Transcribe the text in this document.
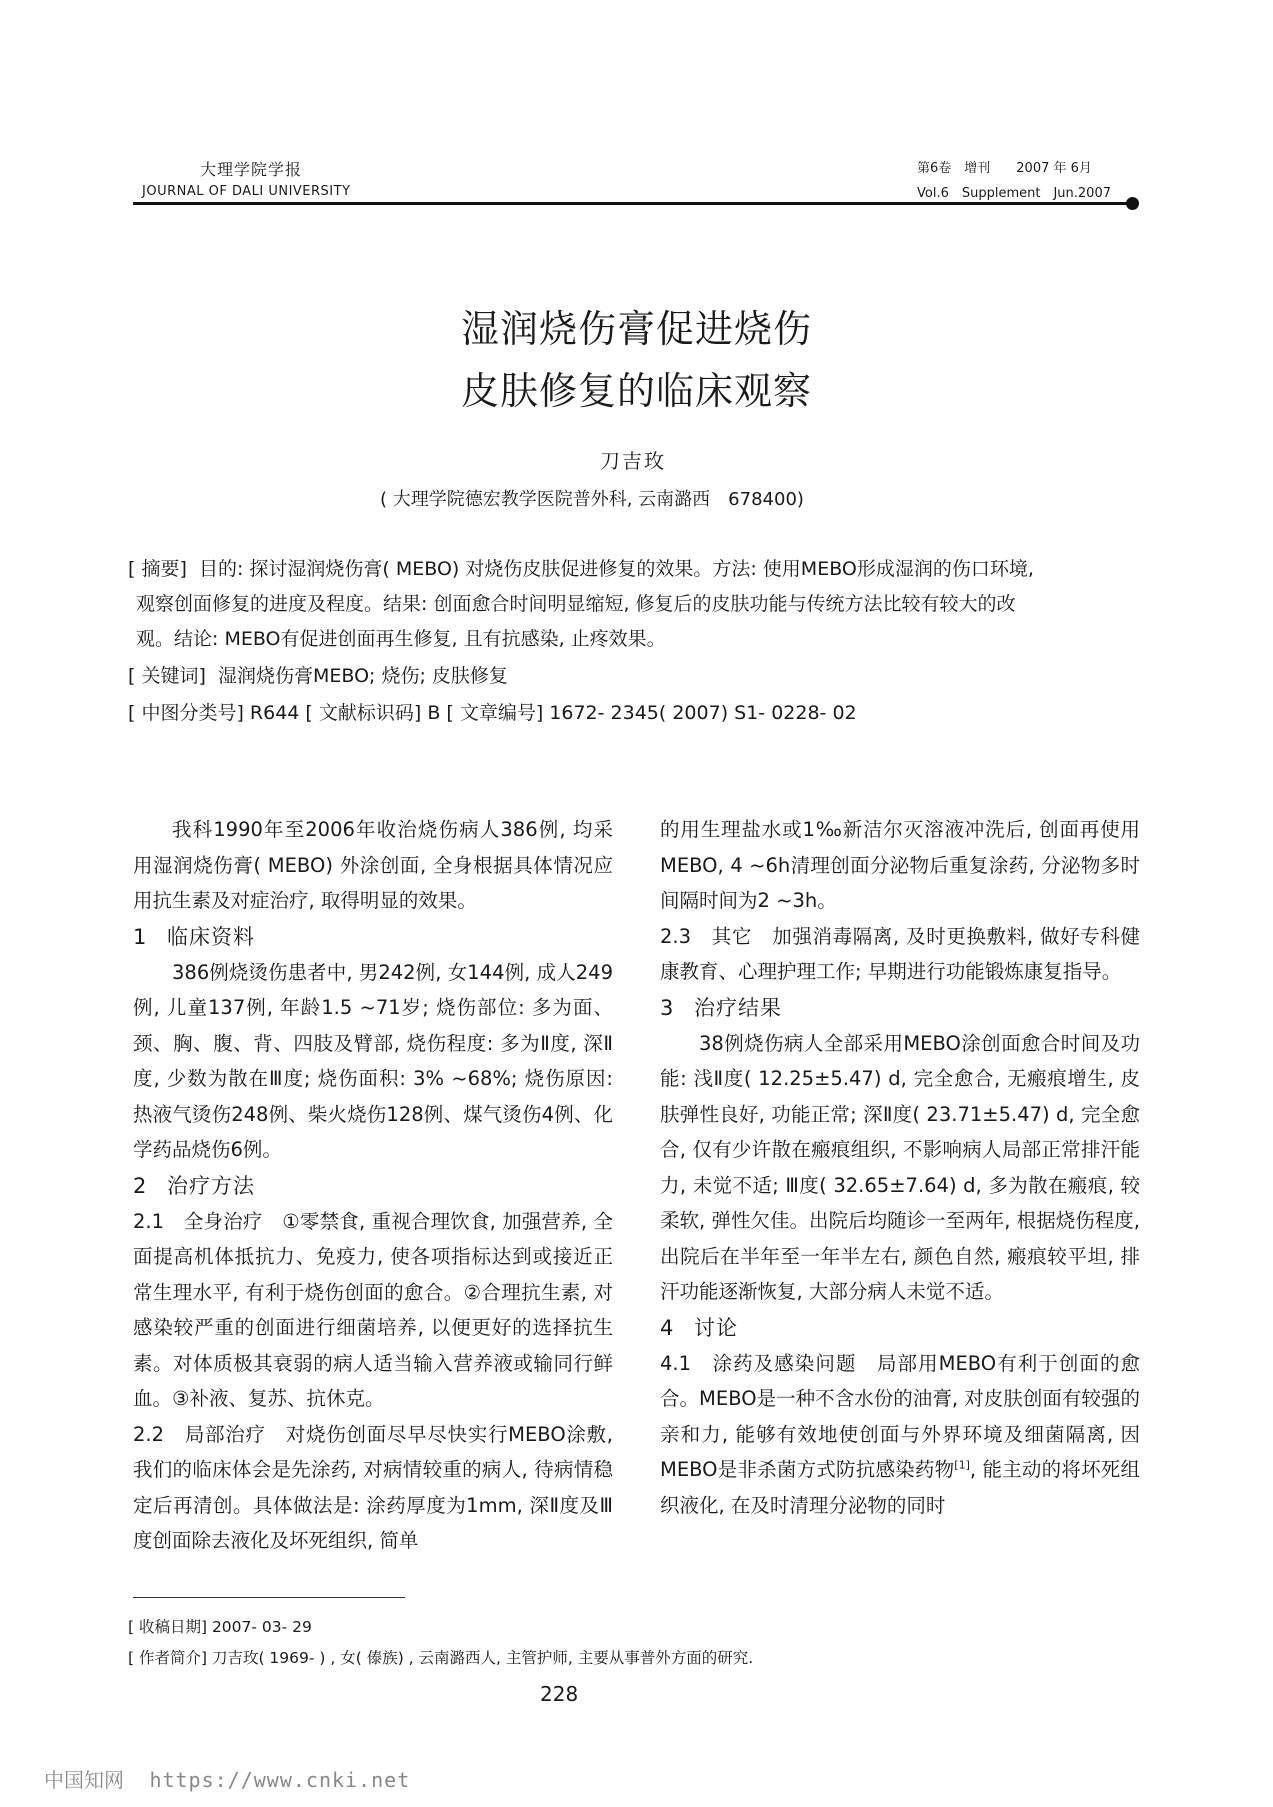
大理学院学报
JOURNAL OF DALI UNIVERSITY
第6卷　增刊　　2007 年 6月
Vol.6　Supplement　Jun.2007
湿润烧伤膏促进烧伤
皮肤修复的临床观察
刀吉玫
( 大理学院德宏教学医院普外科, 云南潞西　678400)

[ 摘要] 目的: 探讨湿润烧伤膏( MEBO) 对烧伤皮肤促进修复的效果。方法: 使用MEBO形成湿润的伤口环境,

观察创面修复的进度及程度。结果: 创面愈合时间明显缩短, 修复后的皮肤功能与传统方法比较有较大的改

观。结论: MEBO有促进创面再生修复, 且有抗感染, 止疼效果。

[ 关键词] 湿润烧伤膏MEBO; 烧伤; 皮肤修复

[ 中图分类号] R644 [ 文献标识码] B [ 文章编号] 1672- 2345( 2007) S1- 0228- 02

我科1990年至2006年收治烧伤病人386例, 均采用湿润烧伤膏( MEBO) 外涂创面, 全身根据具体情况应用抗生素及对症治疗, 取得明显的效果。

1 临床资料

386例烧烫伤患者中, 男242例, 女144例, 成人249例, 儿童137例, 年龄1.5 ~71岁; 烧伤部位: 多为面、颈、胸、腹、背、四肢及臂部, 烧伤程度: 多为Ⅱ度, 深Ⅱ度, 少数为散在Ⅲ度; 烧伤面积: 3% ~68%; 烧伤原因: 热液气烫伤248例、柴火烧伤128例、煤气烫伤4例、化学药品烧伤6例。

2 治疗方法

2.1　全身治疗　①零禁食, 重视合理饮食, 加强营养, 全面提高机体抵抗力、免疫力, 使各项指标达到或接近正常生理水平, 有利于烧伤创面的愈合。②合理抗生素, 对感染较严重的创面进行细菌培养, 以便更好的选择抗生素。对体质极其衰弱的病人适当输入营养液或输同行鲜血。③补液、复苏、抗休克。

2.2　局部治疗　对烧伤创面尽早尽快实行MEBO涂敷, 我们的临床体会是先涂药, 对病情较重的病人, 待病情稳定后再清创。具体做法是: 涂药厚度为1mm, 深Ⅱ度及Ⅲ度创面除去液化及坏死组织, 简单

的用生理盐水或1‰新洁尔灭溶液冲洗后, 创面再使用MEBO, 4 ~6h清理创面分泌物后重复涂药, 分泌物多时间隔时间为2 ~3h。

2.3　其它　加强消毒隔离, 及时更换敷料, 做好专科健康教育、心理护理工作; 早期进行功能锻炼康复指导。

3 治疗结果

38例烧伤病人全部采用MEBO涂创面愈合时间及功能: 浅Ⅱ度( 12.25±5.47) d, 完全愈合, 无瘢痕增生, 皮肤弹性良好, 功能正常; 深Ⅱ度( 23.71±5.47) d, 完全愈合, 仅有少许散在瘢痕组织, 不影响病人局部正常排汗能力, 未觉不适; Ⅲ度( 32.65±7.64) d, 多为散在瘢痕, 较柔软, 弹性欠佳。出院后均随诊一至两年, 根据烧伤程度, 出院后在半年至一年半左右, 颜色自然, 瘢痕较平坦, 排汗功能逐渐恢复, 大部分病人未觉不适。

4 讨论

4.1　涂药及感染问题　局部用MEBO有利于创面的愈合。MEBO是一种不含水份的油膏, 对皮肤创面有较强的亲和力, 能够有效地使创面与外界环境及细菌隔离, 因MEBO是非杀菌方式防抗感染药物[1], 能主动的将坏死组织液化, 在及时清理分泌物的同时

[ 收稿日期] 2007- 03- 29
[ 作者简介] 刀吉玫( 1969- ) , 女( 傣族) , 云南潞西人, 主管护师, 主要从事普外方面的研究.
228
中国知网 https://www.cnki.net
